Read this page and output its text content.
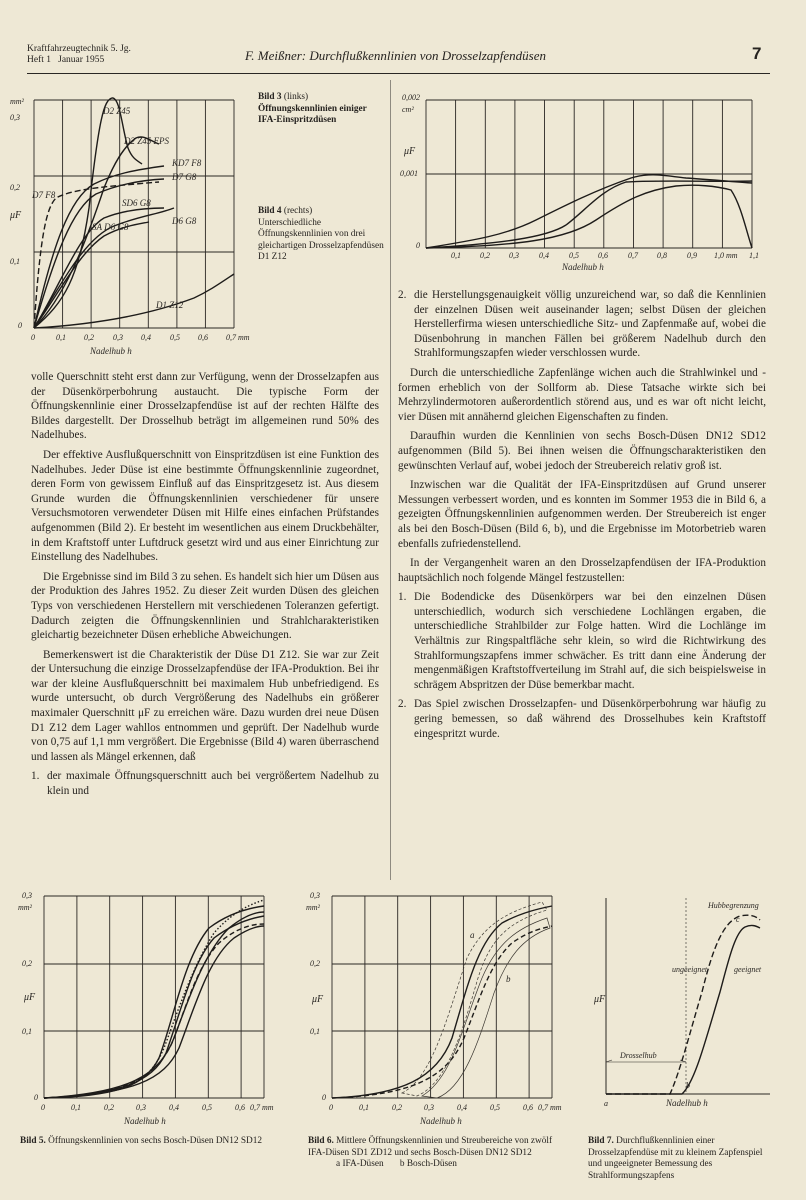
Kraftfahrzeugtechnik 5. Jg.
Heft 1 Januar 1955	F. Meißner: Durchflußkennlinien von Drosselzapfendüsen	7
D2 Z45
D2 Z45 FPS
KD7 F8
D7 G8
D7 F8
SD6 G8
SA D6 G8
D6 G8
D1 Z12
mm²
0,3
0,2
μF
0,1
0
0	0,1 0,2 0,3 0,4 0,5 0,6 0,7 mm
Nadelhub h
Bild 3 (links)
Öffnungskennlinien einiger IFA-Einspritzdüsen
Bild 4 (rechts)
Unterschiedliche Öffnungskennlinien von drei gleichartigen Drosselzapfendüsen D1 Z12
0,002
cm²
μF
0,001
0
0,1 0,2 0,3	0,4	0,5 0,6	0,7 0,8	0,9 1,0 mm 1,1
Nadelhub h

volle Querschnitt steht erst dann zur Verfügung, wenn der Drosselzapfen aus der Düsenkörperbohrung austaucht. Die typische Form der Öffnungskennlinie einer Drosselzapfendüse ist auf der rechten Hälfte des Bildes dargestellt. Der Drosselhub beträgt im allgemeinen rund 50% des Nadelhubes.

Der effektive Ausflußquerschnitt von Einspritzdüsen ist eine Funktion des Nadelhubes. Jeder Düse ist eine bestimmte Öffnungskennlinie zugeordnet, deren Form von gewissem Einfluß auf das Einspritzgesetz ist. Aus diesem Grunde wurden die Öffnungskennlinien verschiedener für unsere Versuchsmotoren verwendeter Düsen mit Hilfe eines einfachen Prüfstandes aufgenommen (Bild 2). Er besteht im wesentlichen aus einem Druckbehälter, in dem Kraftstoff unter Luftdruck gesetzt wird und aus einer Einrichtung zur Einstellung des Nadelhubes.

Die Ergebnisse sind im Bild 3 zu sehen. Es handelt sich hier um Düsen aus der Produktion des Jahres 1952. Zu dieser Zeit wurden Düsen des gleichen Typs von verschiedenen Herstellern mit verschiedenen Toleranzen gefertigt. Dadurch zeigten die Öffnungskennlinien und Strahlcharakteristiken gleichartig bezeichneter Düsen erhebliche Abweichungen.

Bemerkenswert ist die Charakteristik der Düse D1 Z12. Sie war zur Zeit der Untersuchung die einzige Drosselzapfendüse der IFA-Produktion. Bei ihr war der kleine Ausflußquerschnitt bei maximalem Hub unbefriedigend. Es wurde untersucht, ob durch Vergrößerung des Nadelhubs ein größerer maximaler Querschnitt μF zu erreichen wäre. Dazu wurden drei neue Düsen D1 Z12 dem Lager wahllos entnommen und geprüft. Der Nadelhub wurde von 0,75 auf 1,1 mm vergrößert. Die Ergebnisse (Bild 4) waren überraschend und lassen als Mängel erkennen, daß

1. der maximale Öffnungsquerschnitt auch bei vergrößertem Nadelhub zu klein und
2. die Herstellungsgenauigkeit völlig unzureichend war, so daß die Kennlinien der einzelnen Düsen weit auseinander lagen; selbst Düsen der gleichen Herstellerfirma wiesen unterschiedliche Sitz- und Zapfenmaße auf, wobei die Düsenbohrung in manchen Fällen bei größerem Nadelhub durch den Strahlformungszapfen wieder verschlossen wurde.

Durch die unterschiedliche Zapfenlänge wichen auch die Strahlwinkel und -formen erheblich von der Sollform ab. Diese Tatsache wirkte sich bei Mehrzylindermotoren außerordentlich störend aus, und es war oft nicht leicht, vier Düsen mit annähernd gleichen Eigenschaften zu finden.

Daraufhin wurden die Kennlinien von sechs Bosch-Düsen DN12 SD12 aufgenommen (Bild 5). Bei ihnen weisen die Öffnungscharakteristiken den gewünschten Verlauf auf, wobei jedoch der Streubereich relativ groß ist.

Inzwischen war die Qualität der IFA-Einspritzdüsen auf Grund unserer Messungen verbessert worden, und es konnten im Sommer 1953 die in Bild 6, a gezeigten Öffnungskennlinien aufgenommen werden. Der Streubereich ist enger als bei den Bosch-Düsen (Bild 6, b), und die Ergebnisse im Motorbetrieb waren ebenfalls zufriedenstellend.

In der Vergangenheit waren an den Drosselzapfendüsen der IFA-Produktion hauptsächlich noch folgende Mängel festzustellen:

1. Die Bodendicke des Düsenkörpers war bei den einzelnen Düsen unterschiedlich, wodurch sich verschiedene Lochlängen ergaben, die unterschiedliche Strahlbilder zur Folge hatten. Wird die Lochlänge im Verhältnis zur Ringspaltfläche sehr klein, so wird die Richtwirkung des Strahlformungszapfens immer schwächer. Es tritt dann eine Änderung der mengenmäßigen Kraftstoffverteilung im Strahl auf, die sich beispielsweise in schrägem Abspritzen der Düse bemerkbar macht.
2. Das Spiel zwischen Drosselzapfen- und Düsenkörperbohrung war häufig zu gering bemessen, so daß während des Drosselhubes kein Kraftstoff eingespritzt wurde.
0,3
mm²
0,2
μF
0,1
0
0	0,1	0,2	0,3	0,4	0,5	0,6 0,7 mm
Nadelhub h
a
b
0,3
mm²
0,2
μF
0,1
0
0	0,1	0,2	0,3	0,4	0,5	0,6 0,7 mm
Nadelhub h
Hubbegrenzung
c
ungeeignet	geeignet
Drosselhub
a
b
μF
Nadelhub h
Bild 5. Öffnungskennlinien von sechs Bosch-Düsen DN12 SD12	Bild 6. Mittlere Öffnungskennlinien und Streubereiche von zwölf IFA-Düsen SD1 ZD12 und sechs Bosch-Düsen DN12 SD12
a IFA-Düsen b Bosch-Düsen
Bild 7. Durchflußkennlinien einer Drosselzapfendüse mit zu kleinem Zapfenspiel und ungeeigneter Bemessung des Strahlformungszapfens
